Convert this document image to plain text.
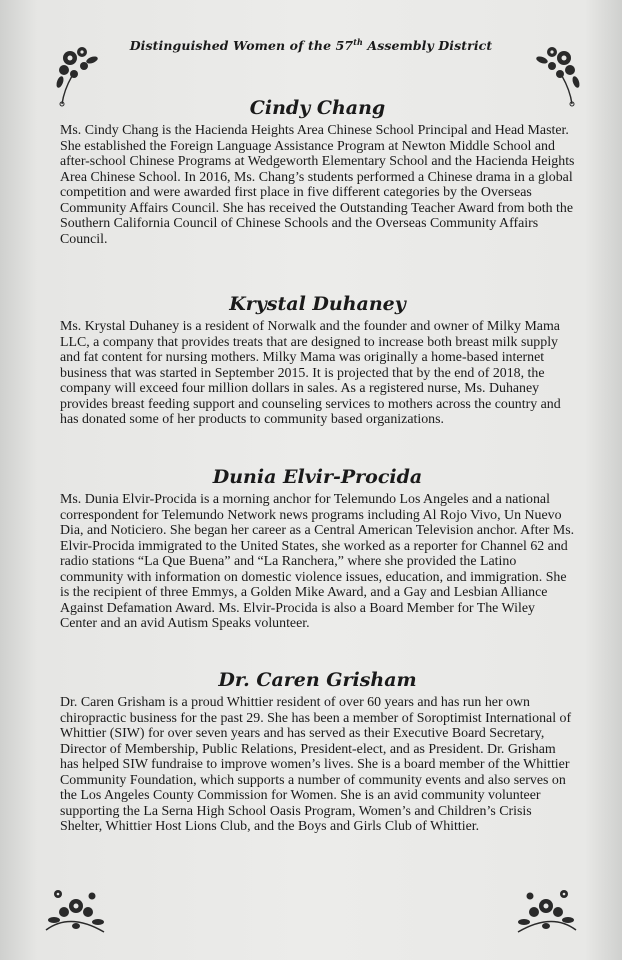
Distinguished Women of the 57th Assembly District
Cindy Chang

Ms. Cindy Chang is the Hacienda Heights Area Chinese School Principal and Head Master. She established the Foreign Language Assistance Program at Newton Middle School and after-school Chinese Programs at Wedgeworth Elementary School and the Hacienda Heights Area Chinese School. In 2016, Ms. Chang’s students performed a Chinese drama in a global competition and were awarded first place in five different categories by the Overseas Community Affairs Council. She has received the Outstanding Teacher Award from both the Southern California Council of Chinese Schools and the Overseas Community Affairs Council.

Krystal Duhaney

Ms. Krystal Duhaney is a resident of Norwalk and the founder and owner of Milky Mama LLC, a company that provides treats that are designed to increase both breast milk supply and fat content for nursing mothers. Milky Mama was originally a home-based internet business that was started in September 2015. It is projected that by the end of 2018, the company will exceed four million dollars in sales. As a registered nurse, Ms. Duhaney provides breast feeding support and counseling services to mothers across the country and has donated some of her products to community based organizations.

Dunia Elvir-Procida

Ms. Dunia Elvir-Procida is a morning anchor for Telemundo Los Angeles and a national correspondent for Telemundo Network news programs including Al Rojo Vivo, Un Nuevo Dia, and Noticiero. She began her career as a Central American Television anchor. After Ms. Elvir-Procida immigrated to the United States, she worked as a reporter for Channel 62 and radio stations “La Que Buena” and “La Ranchera,” where she provided the Latino community with information on domestic violence issues, education, and immigration. She is the recipient of three Emmys, a Golden Mike Award, and a Gay and Lesbian Alliance Against Defamation Award. Ms. Elvir-Procida is also a Board Member for The Wiley Center and an avid Autism Speaks volunteer.

Dr. Caren Grisham

Dr. Caren Grisham is a proud Whittier resident of over 60 years and has run her own chiropractic business for the past 29. She has been a member of Soroptimist International of Whittier (SIW) for over seven years and has served as their Executive Board Secretary, Director of Membership, Public Relations, President-elect, and as President. Dr. Grisham has helped SIW fundraise to improve women’s lives. She is a board member of the Whittier Community Foundation, which supports a number of community events and also serves on the Los Angeles County Commission for Women. She is an avid community volunteer supporting the La Serna High School Oasis Program, Women’s and Children’s Crisis Shelter, Whittier Host Lions Club, and the Boys and Girls Club of Whittier.
